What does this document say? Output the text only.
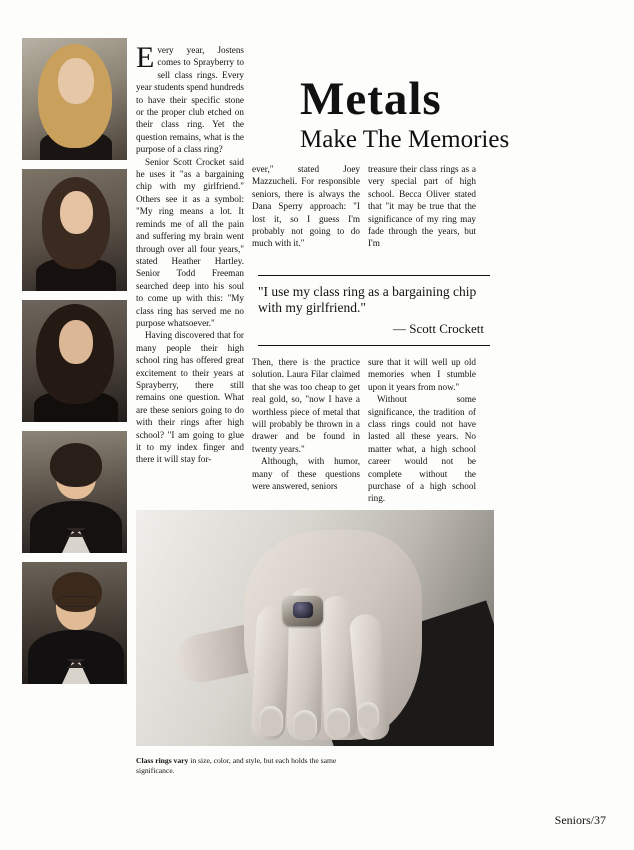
Metals
Make The Memories

Every year, Jostens comes to Sprayberry to sell class rings. Every year students spend hundreds to have their specific stone or the proper club etched on their class ring. Yet the question remains, what is the purpose of a class ring?

Senior Scott Crocket said he uses it "as a bargaining chip with my girlfriend." Others see it as a symbol: "My ring means a lot. It reminds me of all the pain and suffering my brain went through over all four years," stated Heather Hartley. Senior Todd Freeman searched deep into his soul to come up with this: "My class ring has served me no purpose whatsoever."

Having discovered that for many people their high school ring has offered great excitement to their years at Sprayberry, there still remains one question. What are these seniors going to do with their rings after high school? "I am going to glue it to my index finger and there it will stay for-

ever," stated Joey Mazzucheli. For responsible seniors, there is always the Dana Sperry approach: "I lost it, so I guess I'm probably not going to do much with it."

treasure their class rings as a very special part of high school. Becca Oliver stated that "it may be true that the significance of my ring may fade through the years, but I'm

"I use my class ring as a bargaining chip with my girlfriend."

— Scott Crockett

Then, there is the practice solution. Laura Filar claimed that she was too cheap to get real gold, so, "now I have a worthless piece of metal that will probably be thrown in a drawer and be found in twenty years."

Although, with humor, many of these questions were answered, seniors

sure that it will well up old memories when I stumble upon it years from now."

Without some significance, the tradition of class rings could not have lasted all these years. No matter what, a high school career would not be complete without the purchase of a high school ring.

Class rings vary in size, color, and style, but each holds the same significance.
Seniors/37
